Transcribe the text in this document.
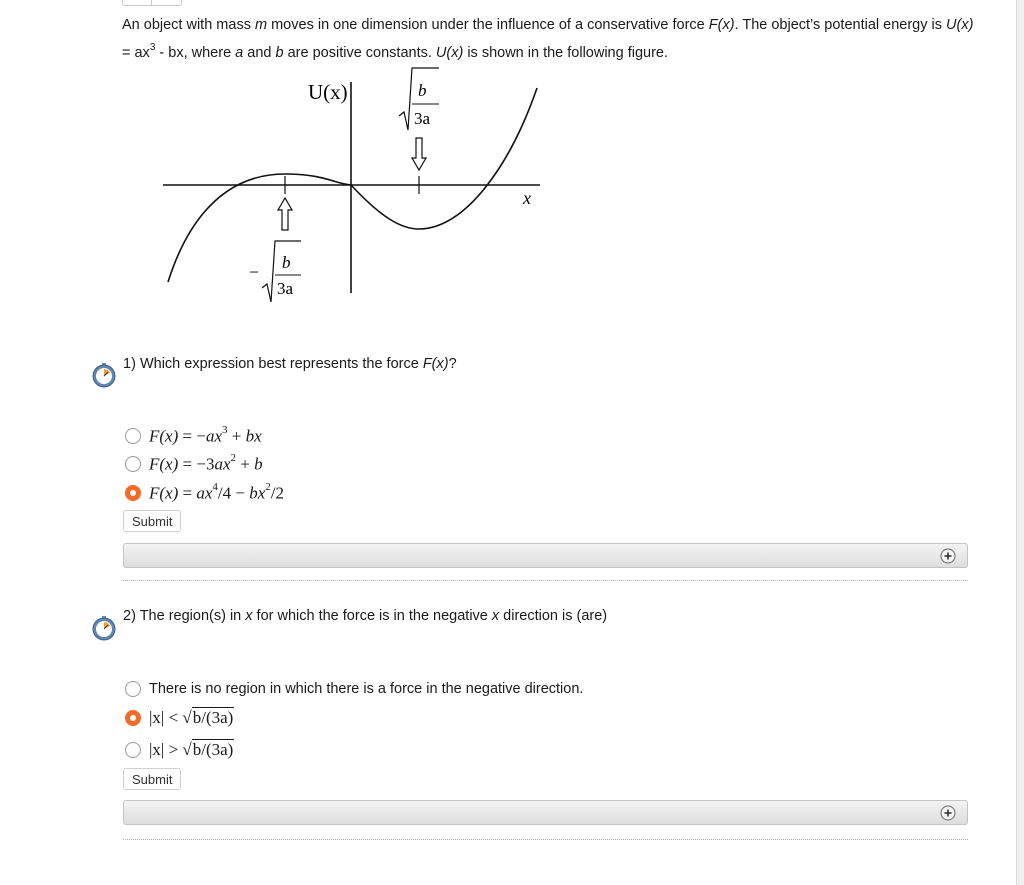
An object with mass m moves in one dimension under the influence of a conservative force F(x). The object’s potential energy is $U(x) = ax^3$ - bx, where a and b are positive constants. U(x) is shown in the following figure.
U(x)
x
b
3a
− b
3a
1) Which expression best represents the force F(x)?
$F(x) = -ax^3$ + bx
$F(x) = -3ax^2 + b$
$F(x) = ax^4/4 - bx^2/2$
Submit
2) The region(s) in x for which the force is in the negative x direction is (are)
There is no region in which there is a force in the negative direction.
|x| < √b/(3a)
|x| > √b/(3a)
Submit
